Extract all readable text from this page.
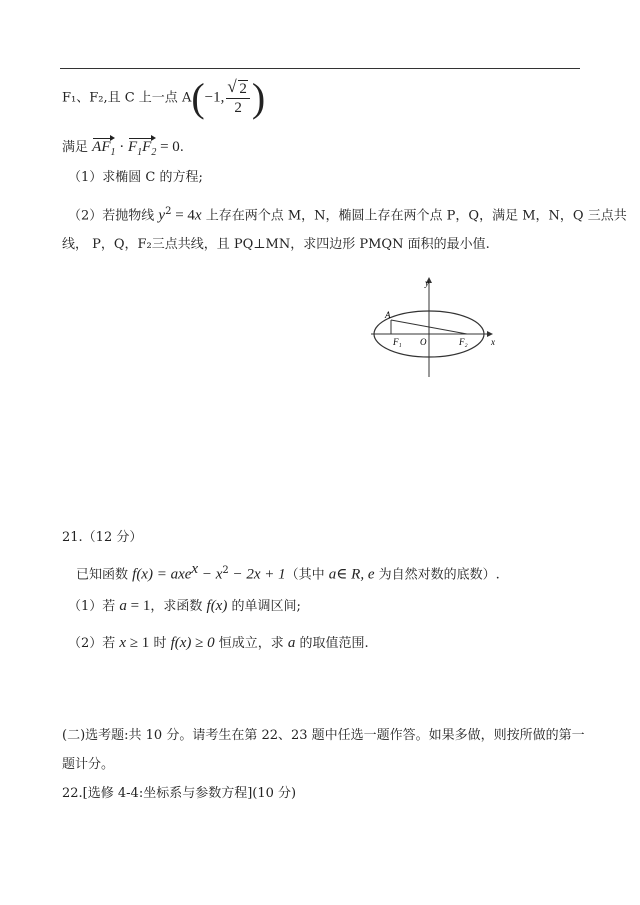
F₁、F₂,且 C 上一点 A(−1,
√ $\frac{2}{2}$ )
满足 $AF_1 \cdot F_1F_2 = 0$.
（1）求椭圆 C 的方程;
（2）若抛物线 $y^2 = 4x$ 上存在两个点 M，N，椭圆上存在两个点 P，Q，满足 M，N，Q 三点共
线， P，Q，F₂三点共线，且 PQ⊥MN，求四边形 PMQN 面积的最小值.
y
x
A
F₁ O	F₂
21.（12 分）
已知函数 $f(x) = axe^x - x^2 - 2x + 1$（其中 a∈ R, e 为自然对数的底数）.
（1）若 a = 1，求函数 f(x) 的单调区间;
（2）若 x ≥ 1 时 f(x) ≥ 0 恒成立，求 a 的取值范围.
(二)选考题:共 10 分。请考生在第 22、23 题中任选一题作答。如果多做，则按所做的第一
题计分。
22.[选修 4-4:坐标系与参数方程](10 分)
